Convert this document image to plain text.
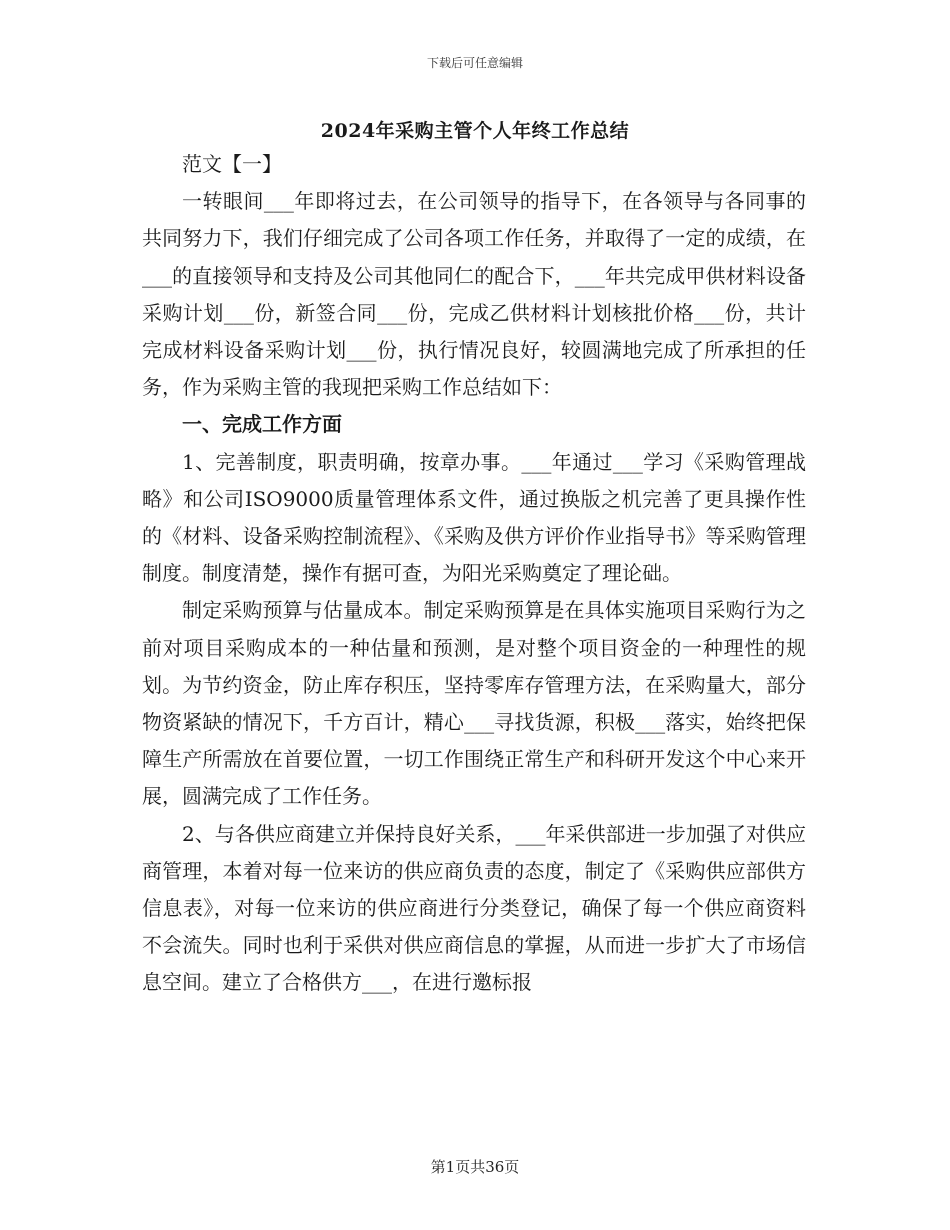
下载后可任意编辑
2024年采购主管个人年终工作总结

范文【一】

一转眼间___年即将过去，在公司领导的指导下，在各领导与各同事的共同努力下，我们仔细完成了公司各项工作任务，并取得了一定的成绩，在___的直接领导和支持及公司其他同仁的配合下，___年共完成甲供材料设备采购计划___份，新签合同___份，完成乙供材料计划核批价格___份，共计完成材料设备采购计划___份，执行情况良好，较圆满地完成了所承担的任务，作为采购主管的我现把采购工作总结如下：

一、完成工作方面

1、完善制度，职责明确，按章办事。___年通过___学习《采购管理战略》和公司ISO9000质量管理体系文件，通过换版之机完善了更具操作性的《材料、设备采购控制流程》、《采购及供方评价作业指导书》等采购管理制度。制度清楚，操作有据可查，为阳光采购奠定了理论础。

制定采购预算与估量成本。制定采购预算是在具体实施项目采购行为之前对项目采购成本的一种估量和预测，是对整个项目资金的一种理性的规划。为节约资金，防止库存积压，坚持零库存管理方法，在采购量大，部分物资紧缺的情况下，千方百计，精心___寻找货源，积极___落实，始终把保障生产所需放在首要位置，一切工作围绕正常生产和科研开发这个中心来开展，圆满完成了工作任务。

2、与各供应商建立并保持良好关系，___年采供部进一步加强了对供应商管理，本着对每一位来访的供应商负责的态度，制定了《采购供应部供方信息表》，对每一位来访的供应商进行分类登记，确保了每一个供应商资料不会流失。同时也利于采供对供应商信息的掌握，从而进一步扩大了市场信息空间。建立了合格供方___，在进行邀标报

第1页共36页
